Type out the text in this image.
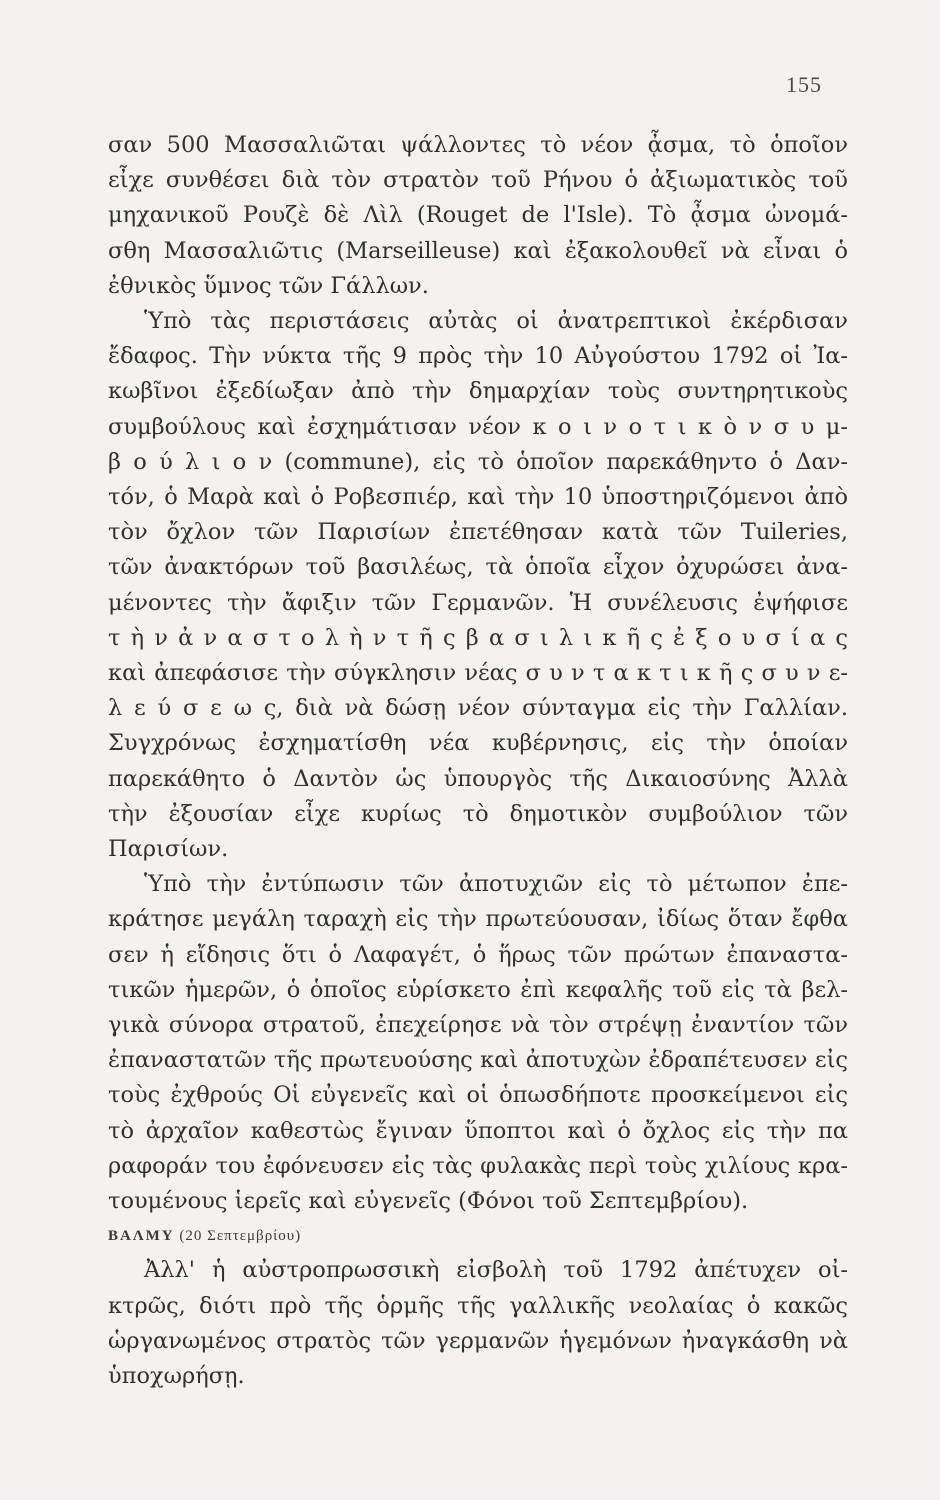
155
σαν 500 Μασσαλιῶται ψάλλοντες τὸ νέον ᾆσμα, τὸ ὁποῖον
εἶχε συνθέσει διὰ τὸν στρατὸν τοῦ Ρήνου ὁ ἀξιωματικὸς τοῦ
μηχανικοῦ Ρουζὲ δὲ Λὶλ (Rouget de l'Isle). Τὸ ᾆσμα ὠνομά-
σθη Μασσαλιῶτις (Marseilleuse) καὶ ἐξακολουθεῖ νὰ εἶναι ὁ
ἐθνικὸς ὕμνος τῶν Γάλλων.
Ὑπὸ τὰς περιστάσεις αὐτὰς οἱ ἀνατρεπτικοὶ ἐκέρδισαν
ἔδαφος. Τὴν νύκτα τῆς 9 πρὸς τὴν 10 Αὐγούστου 1792 οἱ Ἰα-
κωβῖνοι ἐξεδίωξαν ἀπὸ τὴν δημαρχίαν τοὺς συντηρητικοὺς
συμβούλους καὶ ἐσχημάτισαν νέον κ ο ι ν ο τ ι κ ὸ ν σ υ μ-
β ο ύ λ ι ο ν (commune), εἰς τὸ ὁποῖον παρεκάθηντο ὁ Δαν-
τόν, ὁ Μαρὰ καὶ ὁ Ροβεσπιέρ, καὶ τὴν 10 ὑποστηριζόμενοι ἀπὸ
τὸν ὄχλον τῶν Παρισίων ἐπετέθησαν κατὰ τῶν Tuileries,
τῶν ἀνακτόρων τοῦ βασιλέως, τὰ ὁποῖα εἶχον ὀχυρώσει ἀνα-
μένοντες τὴν ἄφιξιν τῶν Γερμανῶν. Ἡ συνέλευσις ἐψήφισε
τ ὴ ν ἀ ν α σ τ ο λ ὴ ν τ ῆ ς β α σ ι λ ι κ ῆ ς ἐ ξ ο υ σ ί α ς
καὶ ἀπεφάσισε τὴν σύγκλησιν νέας σ υ ν τ α κ τ ι κ ῆ ς σ υ ν ε-
λ ε ύ σ ε ω ς, διὰ νὰ δώσῃ νέον σύνταγμα εἰς τὴν Γαλλίαν.
Συγχρόνως ἐσχηματίσθη νέα κυβέρνησις, εἰς τὴν ὁποίαν
παρεκάθητο ὁ Δαντὸν ὡς ὑπουργὸς τῆς Δικαιοσύνης Ἀλλὰ
τὴν ἐξουσίαν εἶχε κυρίως τὸ δημοτικὸν συμβούλιον τῶν
Παρισίων.
Ὑπὸ τὴν ἐντύπωσιν τῶν ἀποτυχιῶν εἰς τὸ μέτωπον ἐπε-
κράτησε μεγάλη ταραχὴ εἰς τὴν πρωτεύουσαν, ἰδίως ὅταν ἔφθα
σεν ἡ εἴδησις ὅτι ὁ Λαφαγέτ, ὁ ἥρως τῶν πρώτων ἐπαναστα-
τικῶν ἡμερῶν, ὁ ὁποῖος εὑρίσκετο ἐπὶ κεφαλῆς τοῦ εἰς τὰ βελ-
γικὰ σύνορα στρατοῦ, ἐπεχείρησε νὰ τὸν στρέψῃ ἐναντίον τῶν
ἐπαναστατῶν τῆς πρωτευούσης καὶ ἀποτυχὼν ἐδραπέτευσεν εἰς
τοὺς ἐχθρούς Οἱ εὐγενεῖς καὶ οἱ ὁπωσδήποτε προσκείμενοι εἰς
τὸ ἀρχαῖον καθεστὼς ἔγιναν ὕποπτοι καὶ ὁ ὄχλος εἰς τὴν πα
ραφοράν του ἐφόνευσεν εἰς τὰς φυλακὰς περὶ τοὺς χιλίους κρα-
τουμένους ἱερεῖς καὶ εὐγενεῖς (Φόνοι τοῦ Σεπτεμβρίου).
ΒΑΛΜΥ (20 Σεπτεμβρίου)
Ἀλλ' ἡ αὐστροπρωσσικὴ εἰσβολὴ τοῦ 1792 ἀπέτυχεν οἰ-
κτρῶς, διότι πρὸ τῆς ὁρμῆς τῆς γαλλικῆς νεολαίας ὁ κακῶς
ὡργανωμένος στρατὸς τῶν γερμανῶν ἡγεμόνων ἠναγκάσθη νὰ
ὑποχωρήσῃ.
